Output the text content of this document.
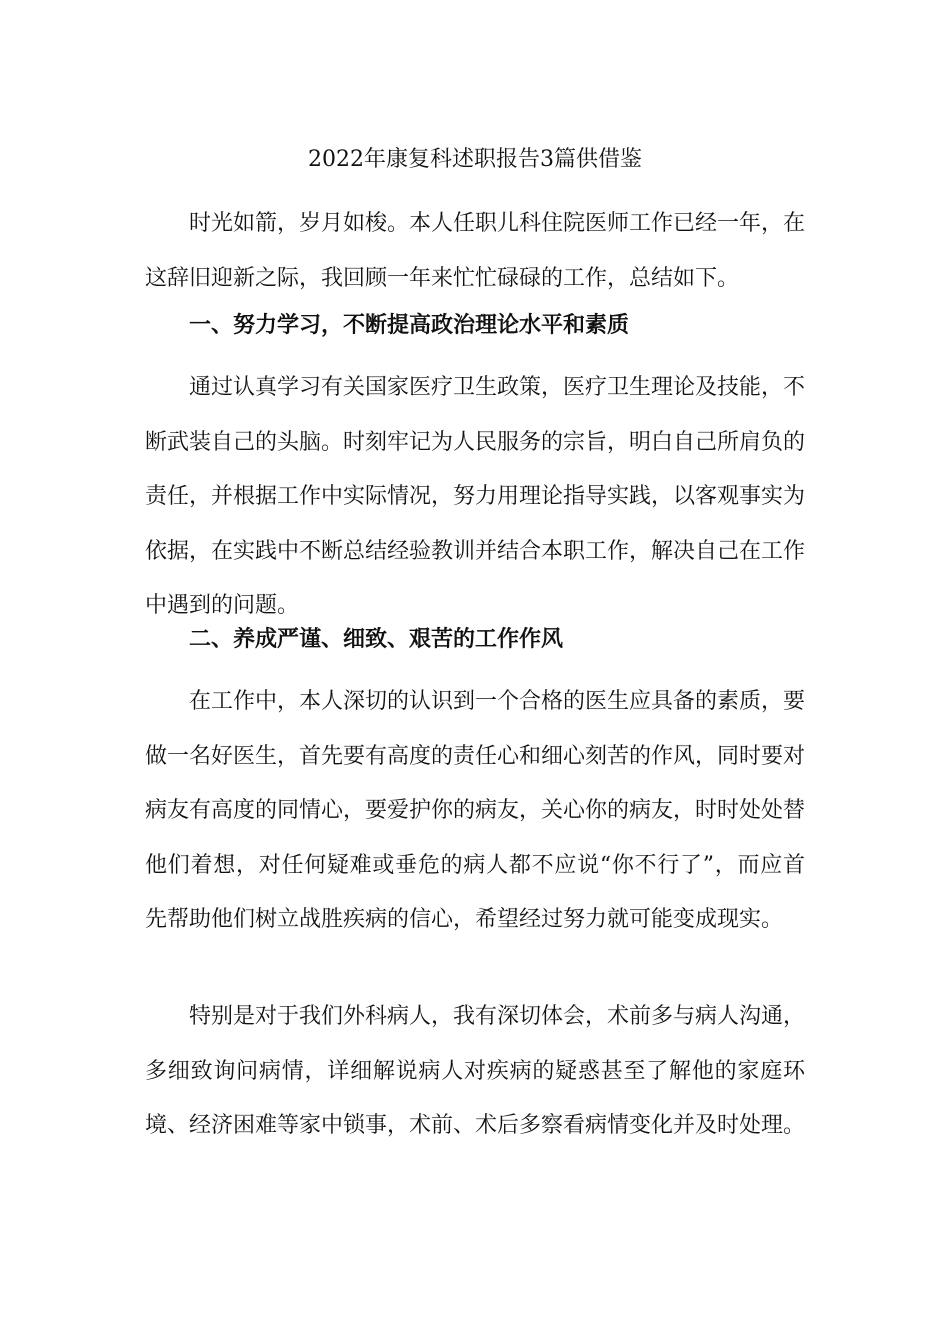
2022年康复科述职报告3篇供借鉴

时光如箭，岁月如梭。本人任职儿科住院医师工作已经一年，在这辞旧迎新之际，我回顾一年来忙忙碌碌的工作，总结如下。

一、努力学习，不断提高政治理论水平和素质

通过认真学习有关国家医疗卫生政策，医疗卫生理论及技能，不断武装自己的头脑。时刻牢记为人民服务的宗旨，明白自己所肩负的责任，并根据工作中实际情况，努力用理论指导实践，以客观事实为依据，在实践中不断总结经验教训并结合本职工作，解决自己在工作中遇到的问题。

二、养成严谨、细致、艰苦的工作作风

在工作中，本人深切的认识到一个合格的医生应具备的素质，要做一名好医生，首先要有高度的责任心和细心刻苦的作风，同时要对病友有高度的同情心，要爱护你的病友，关心你的病友，时时处处替他们着想，对任何疑难或垂危的病人都不应说“你不行了”，而应首先帮助他们树立战胜疾病的信心，希望经过努力就可能变成现实。

特别是对于我们外科病人，我有深切体会，术前多与病人沟通，多细致询问病情，详细解说病人对疾病的疑惑甚至了解他的家庭环境、经济困难等家中锁事，术前、术后多察看病情变化并及时处理。
